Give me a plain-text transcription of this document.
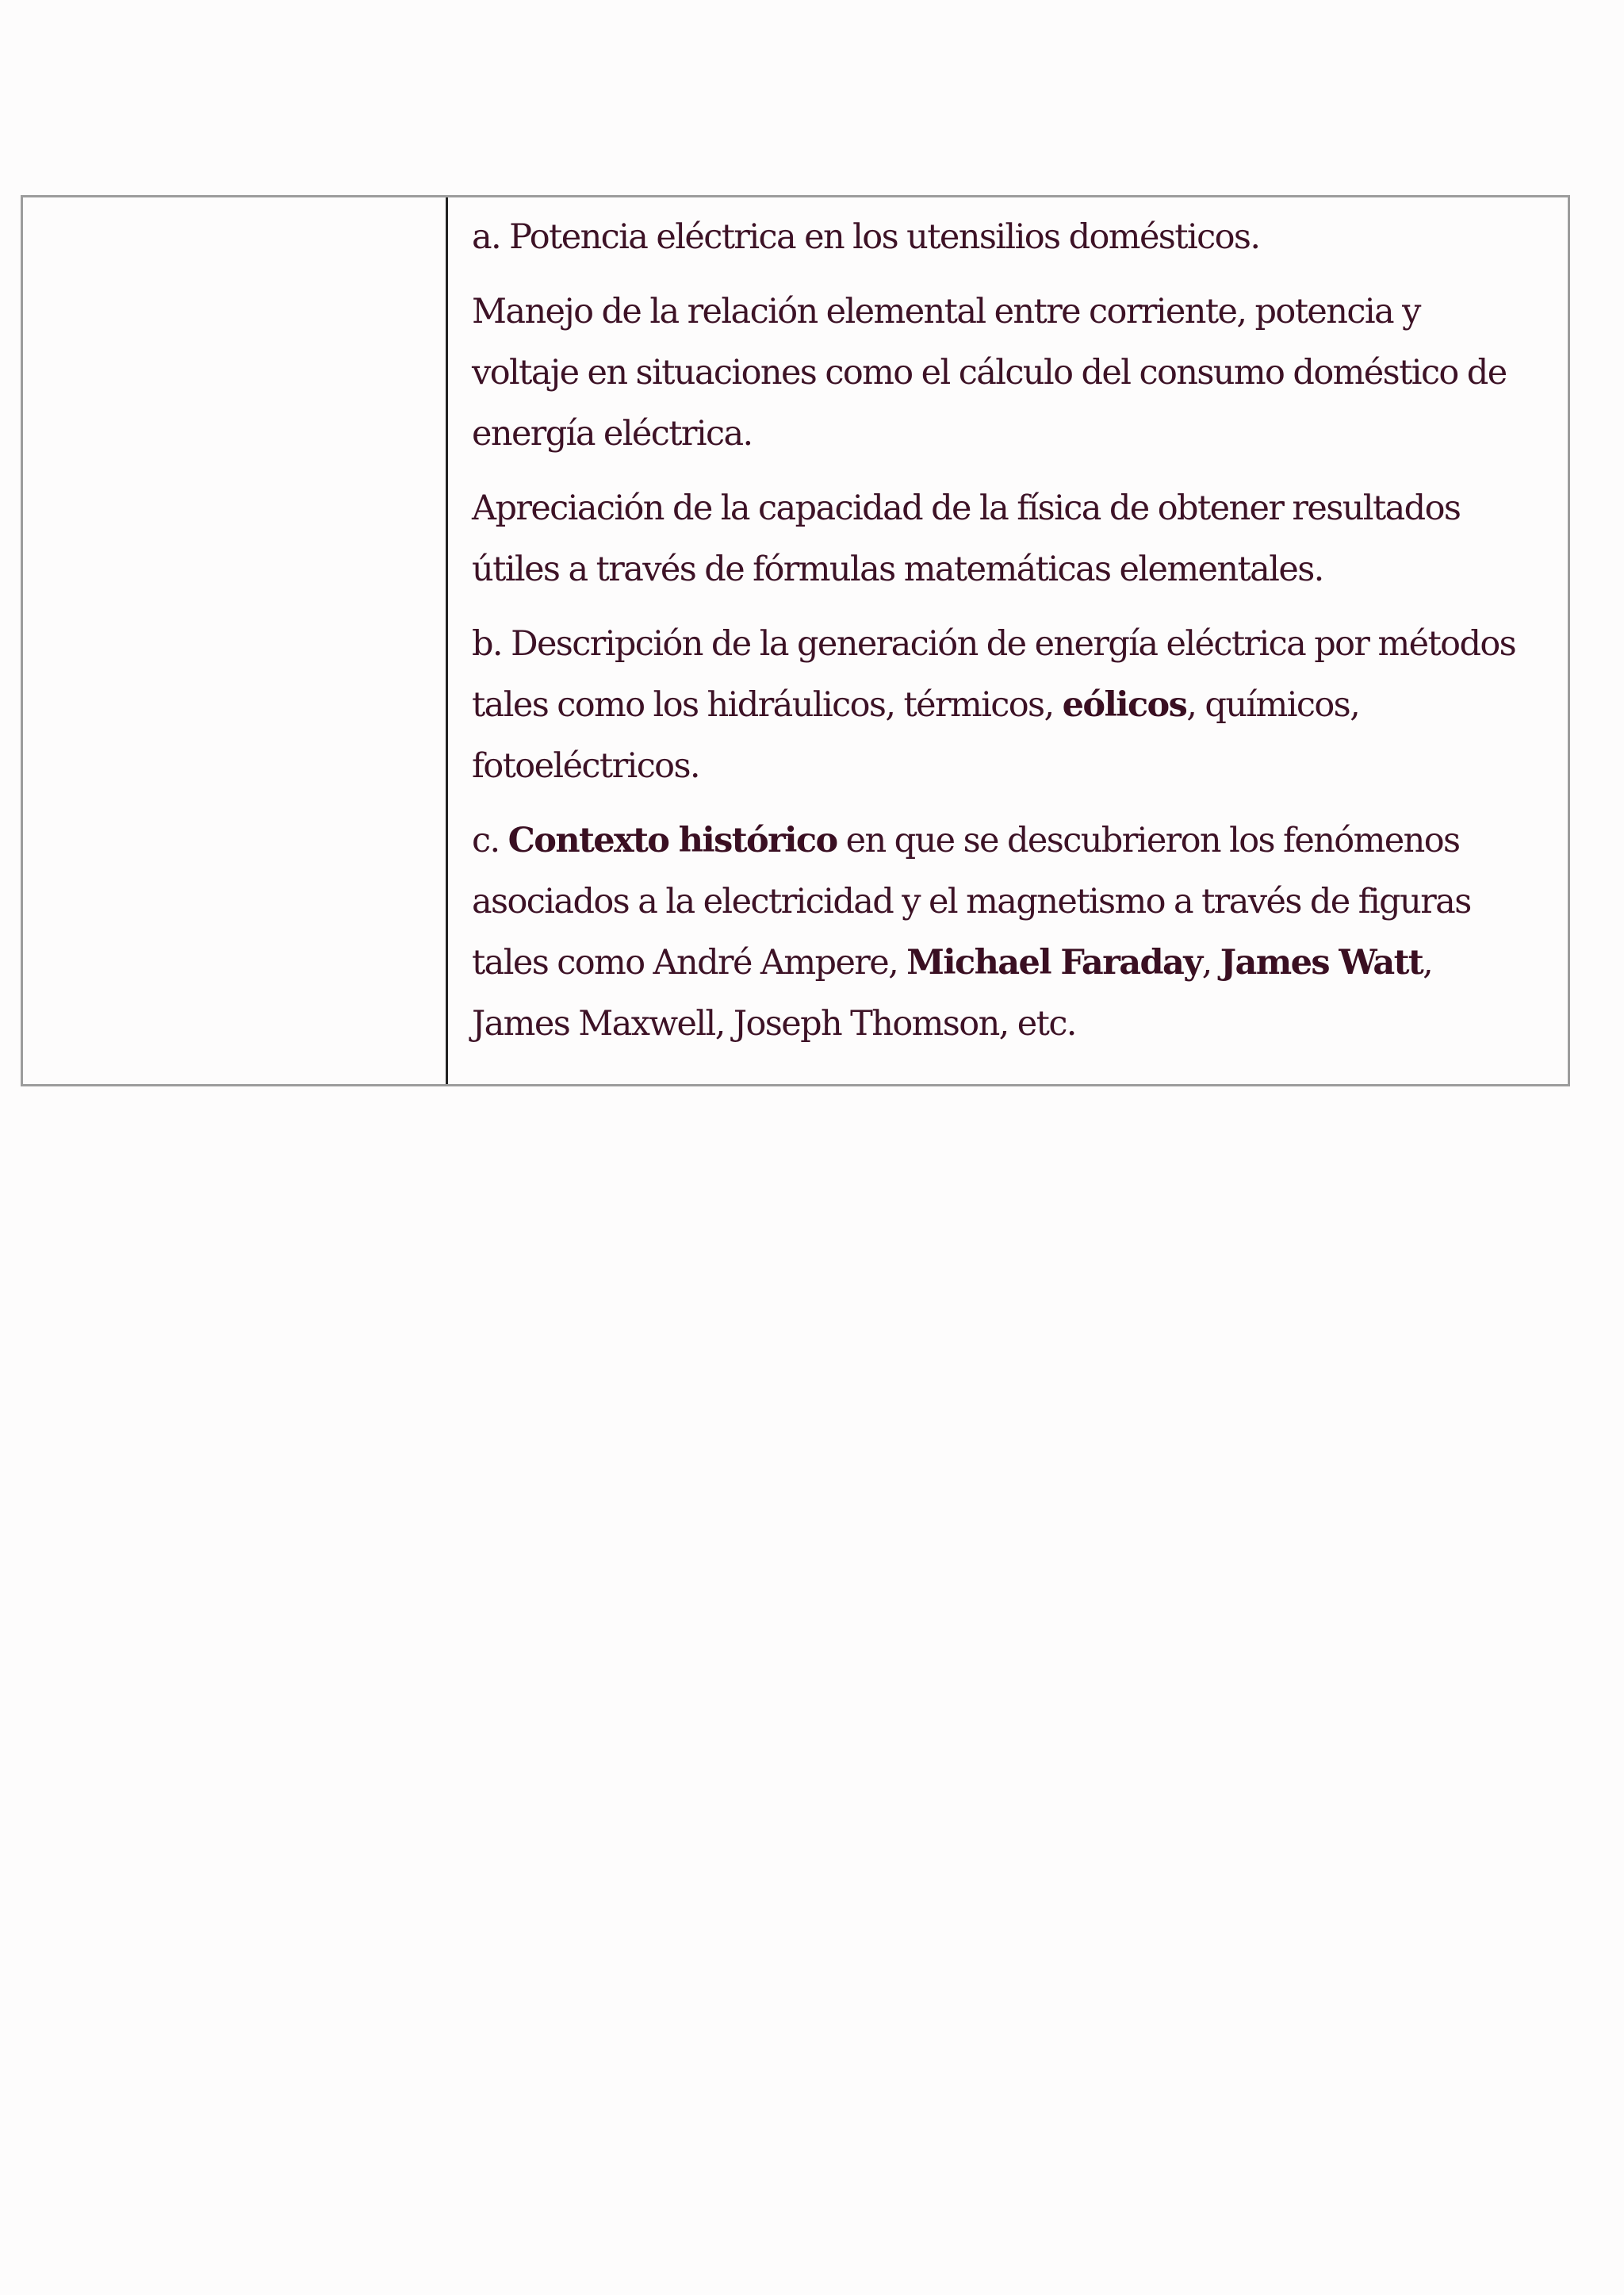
a. Potencia eléctrica en los utensilios domésticos.

Manejo de la relación elemental entre corriente, potencia y voltaje en situaciones como el cálculo del consumo doméstico de energía eléctrica.

Apreciación de la capacidad de la física de obtener resultados útiles a través de fórmulas matemáticas elementales.

b. Descripción de la generación de energía eléctrica por métodos tales como los hidráulicos, térmicos, eólicos, químicos, fotoeléctricos.

c. Contexto histórico en que se descubrieron los fenómenos asociados a la electricidad y el magnetismo a través de figuras tales como André Ampere, Michael Faraday, James Watt, James Maxwell, Joseph Thomson, etc.
